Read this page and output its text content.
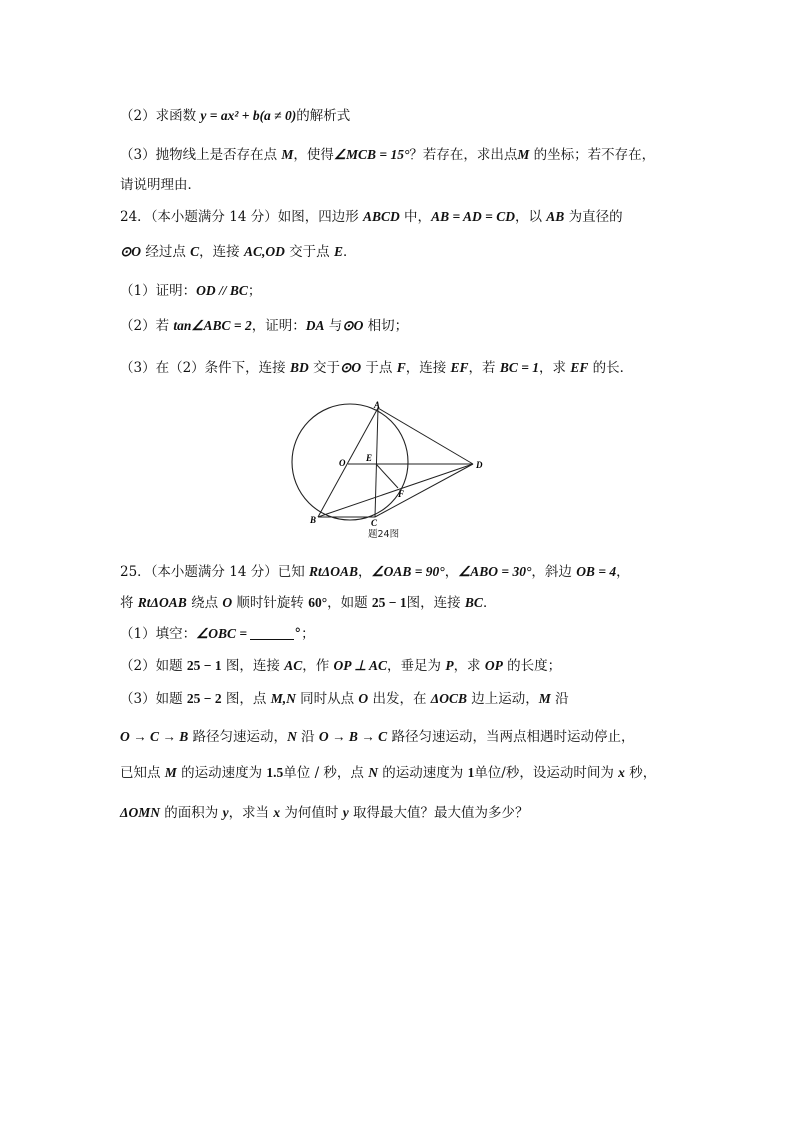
（2）求函数 y = ax² + b(a ≠ 0)的解析式
（3）抛物线上是否存在点 M，使得∠MCB = 15°？若存在，求出点M 的坐标；若不存在，
请说明理由．
24．（本小题满分 14 分）如图，四边形 ABCD 中，AB = AD = CD，以 AB 为直径的
⊙O 经过点 C，连接 AC,OD 交于点 E．
（1）证明：OD // BC；
（2）若 tan∠ABC = 2，证明：DA 与⊙O 相切；
（3）在（2）条件下，连接 BD 交于⊙O 于点 F，连接 EF，若 BC = 1，求 EF 的长．
A
B	C
D
E
F
O
题24图
25．（本小题满分 14 分）已知 RtΔOAB，∠OAB = 90°，∠ABO = 30°，斜边 OB = 4，
将 RtΔOAB 绕点 O 顺时针旋转 60°，如题 25 − 1图，连接 BC．
（1）填空：∠OBC =	°；
（2）如题 25 − 1 图，连接 AC，作 OP ⊥ AC，垂足为 P，求 OP 的长度；
（3）如题 25 − 2 图，点 M,N 同时从点 O 出发，在 ΔOCB 边上运动，M 沿
O → C → B 路径匀速运动，N 沿 O → B → C 路径匀速运动，当两点相遇时运动停止，
已知点 M 的运动速度为 1.5单位 / 秒，点 N 的运动速度为 1单位/秒，设运动时间为 x 秒，
ΔOMN 的面积为 y，求当 x 为何值时 y 取得最大值？最大值为多少？
